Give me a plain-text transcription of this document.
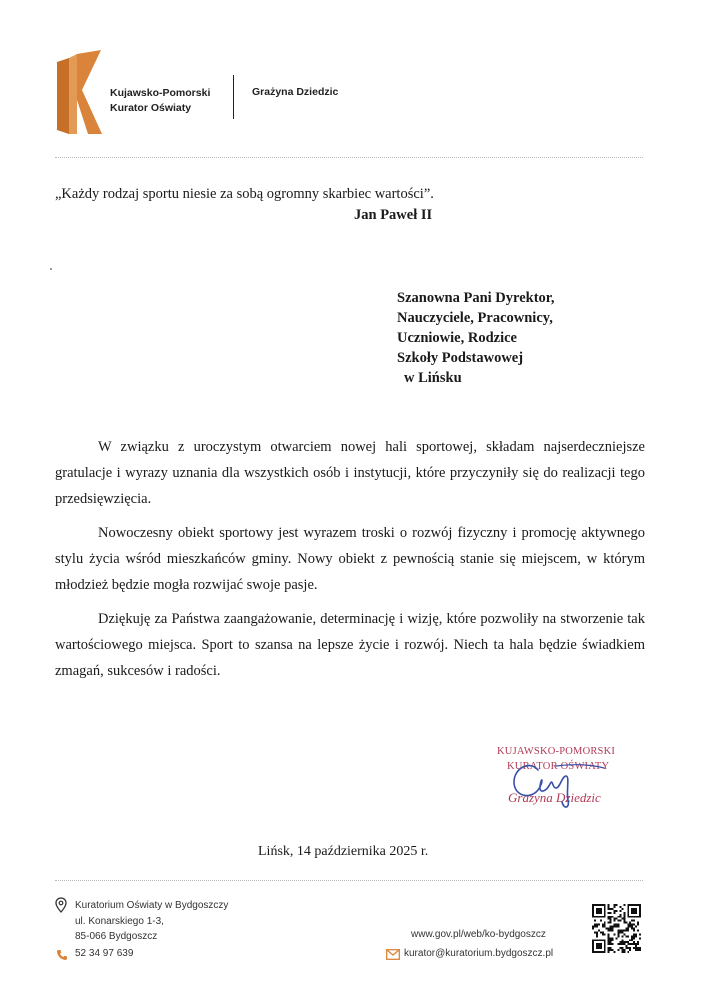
Kujawsko-Pomorski
Kurator Oświaty
Grażyna Dziedzic
„Każdy rodzaj sportu niesie za sobą ogromny skarbiec wartości”.
Jan Paweł II
Szanowna Pani Dyrektor,
Nauczyciele, Pracownicy,
Uczniowie, Rodzice
Szkoły Podstawowej
w Lińsku

W związku z uroczystym otwarciem nowej hali sportowej, składam najserdeczniejsze gratulacje i wyrazy uznania dla wszystkich osób i instytucji, które przyczyniły się do realizacji tego przedsięwzięcia.

Nowoczesny obiekt sportowy jest wyrazem troski o rozwój fizyczny i promocję aktywnego stylu życia wśród mieszkańców gminy. Nowy obiekt z pewnością stanie się miejscem, w którym młodzież będzie mogła rozwijać swoje pasje.

Dziękuję za Państwa zaangażowanie, determinację i wizję, które pozwoliły na stworzenie tak wartościowego miejsca. Sport to szansa na lepsze życie i rozwój. Niech ta hala będzie świadkiem zmagań, sukcesów i radości.

KUJAWSKO-POMORSKI
KURATOR OŚWIATY
Grażyna Dziedzic
Lińsk, 14 października 2025 r.
Kuratorium Oświaty w Bydgoszczy
ul. Konarskiego 1-3,
85-066 Bydgoszcz
52 34 97 639
www.gov.pl/web/ko-bydgoszcz
kurator@kuratorium.bydgoszcz.pl
